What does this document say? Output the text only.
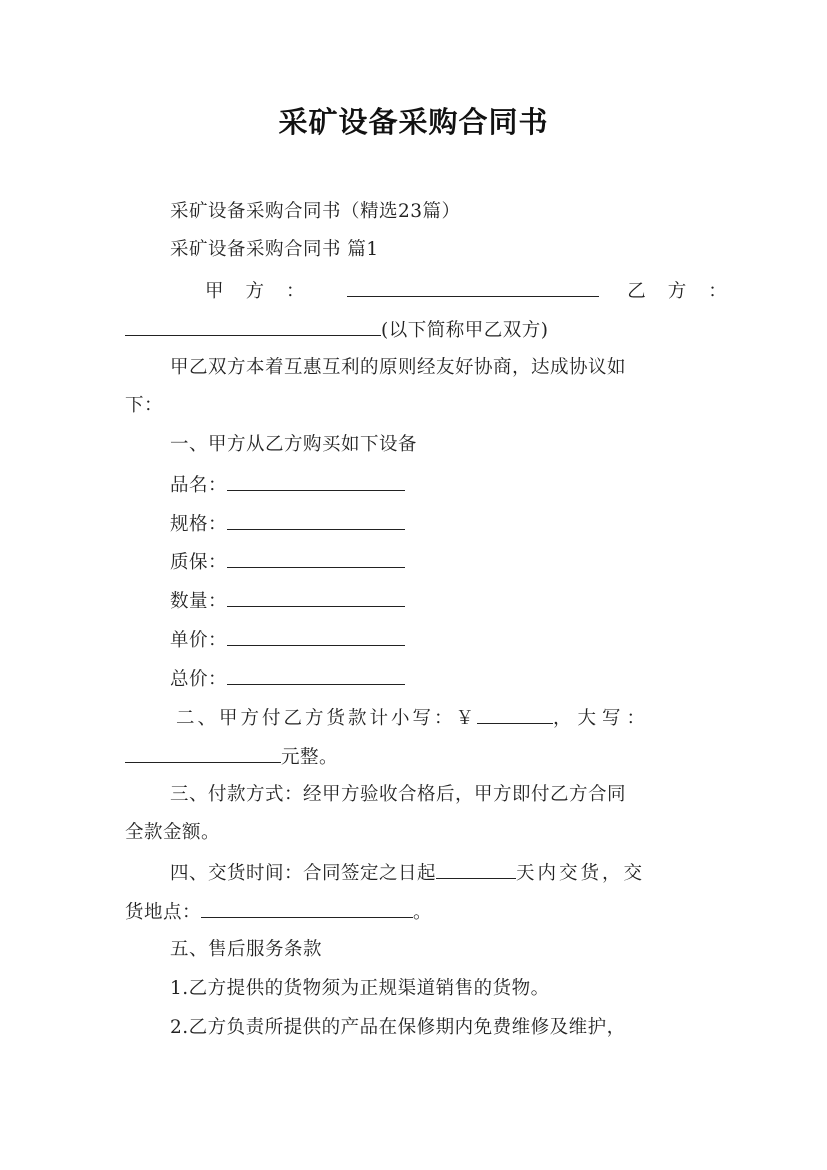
采矿设备采购合同书
采矿设备采购合同书（精选23篇）
采矿设备采购合同书 篇1
甲方：	乙方：
(以下简称甲乙双方)
甲乙双方本着互惠互利的原则经友好协商，达成协议如
下：
一、甲方从乙方购买如下设备
品名：
规格：
质保：
数量：
单价：
总价：
二、甲方付乙方货款计小写：￥	，大写：
元整。
三、付款方式：经甲方验收合格后，甲方即付乙方合同
全款金额。
四、交货时间：合同签定之日起	天内交货，交
货地点：	。
五、售后服务条款
1.乙方提供的货物须为正规渠道销售的货物。
2.乙方负责所提供的产品在保修期内免费维修及维护，
